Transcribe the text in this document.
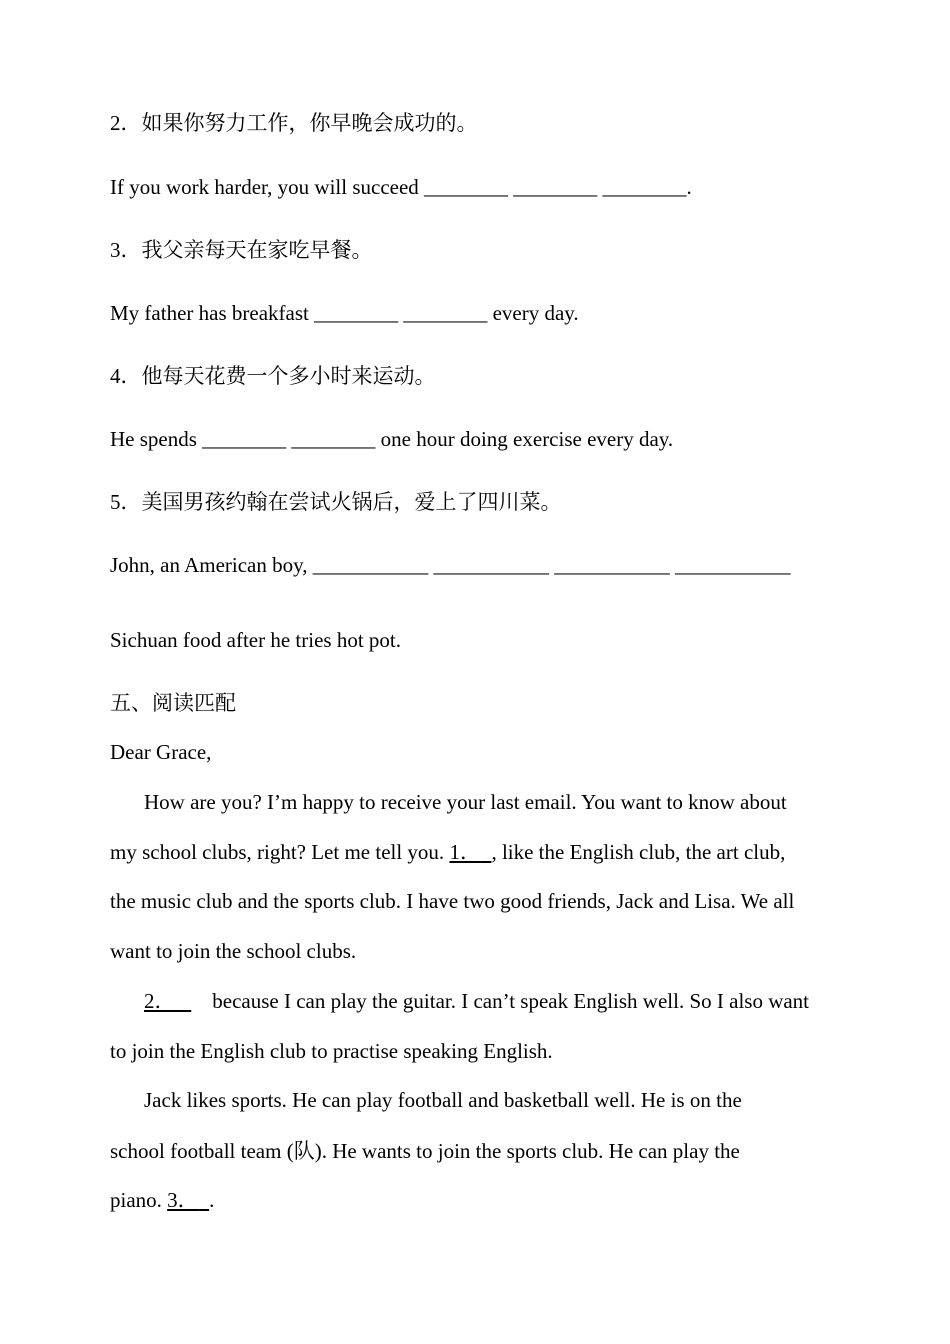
2．如果你努力工作，你早晚会成功的。
If you work harder, you will succeed ________ ________ ________.
3．我父亲每天在家吃早餐。
My father has breakfast ________ ________ every day.
4．他每天花费一个多小时来运动。
He spends ________ ________ one hour doing exercise every day.
5．美国男孩约翰在尝试火锅后，爱上了四川菜。
John, an American boy, ___________ ___________ ___________ ___________
Sichuan food after he tries hot pot.
五、阅读匹配
Dear Grace,
How are you? I’m happy to receive your last email. You want to know about
my school clubs, right? Let me tell you. 1． , like the English club, the art club,
the music club and the sports club. I have two good friends, Jack and Lisa. We all
want to join the school clubs.
2． because I can play the guitar. I can’t speak English well. So I also want
to join the English club to practise speaking English.
Jack likes sports. He can play football and basketball well. He is on the
school football team (队). He wants to join the sports club. He can play the
piano. 3． .
